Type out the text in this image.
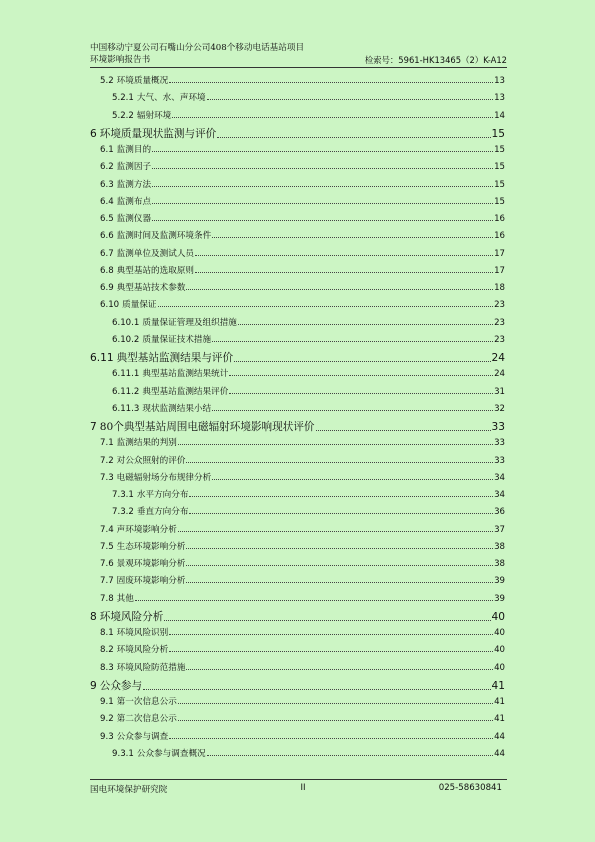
中国移动宁夏公司石嘴山分公司408个移动电话基站项目
环境影响报告书	检索号：5961-HK13465（2）K-A12
5.2 环境质量概况	13
5.2.1 大气、水、声环境	13
5.2.2 辐射环境	14
6 环境质量现状监测与评价	15
6.1 监测目的	15
6.2 监测因子	15
6.3 监测方法	15
6.4 监测布点	15
6.5 监测仪器	16
6.6 监测时间及监测环境条件	16
6.7 监测单位及测试人员	17
6.8 典型基站的选取原则	17
6.9 典型基站技术参数	18
6.10 质量保证	23
6.10.1 质量保证管理及组织措施	23
6.10.2 质量保证技术措施	23
6.11 典型基站监测结果与评价	24
6.11.1 典型基站监测结果统计	24
6.11.2 典型基站监测结果评价	31
6.11.3 现状监测结果小结	32
7 80个典型基站周围电磁辐射环境影响现状评价	33
7.1 监测结果的判别	33
7.2 对公众照射的评价	33
7.3 电磁辐射场分布规律分析	34
7.3.1 水平方向分布	34
7.3.2 垂直方向分布	36
7.4 声环境影响分析	37
7.5 生态环境影响分析	38
7.6 景观环境影响分析	38
7.7 固废环境影响分析	39
7.8 其他	39
8 环境风险分析	40
8.1 环境风险识别	40
8.2 环境风险分析	40
8.3 环境风险防范措施	40
9 公众参与	41
9.1 第一次信息公示	41
9.2 第二次信息公示	41
9.3 公众参与调查	44
9.3.1 公众参与调查概况	44
国电环境保护研究院	II	025-58630841
